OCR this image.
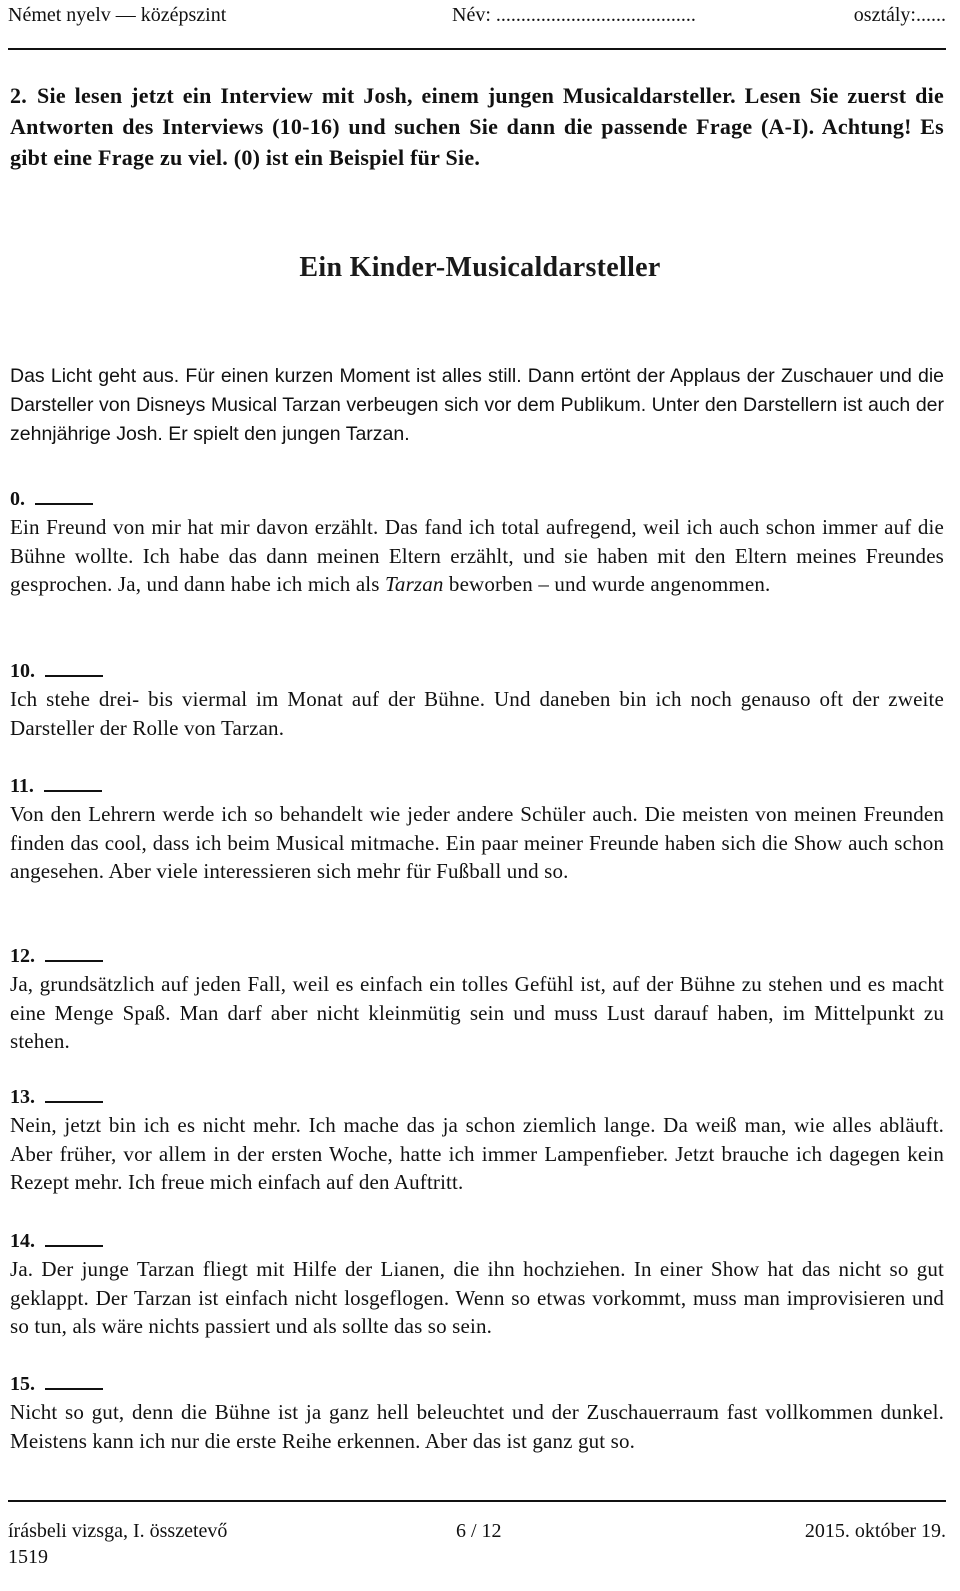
Német nyelv — középszint	Név: ........................................	osztály:......
2. Sie lesen jetzt ein Interview mit Josh, einem jungen Musicaldarsteller. Lesen Sie zuerst die Antworten des Interviews (10-16) und suchen Sie dann die passende Frage (A-I). Achtung! Es gibt eine Frage zu viel. (0) ist ein Beispiel für Sie.
Ein Kinder-Musicaldarsteller
Das Licht geht aus. Für einen kurzen Moment ist alles still. Dann ertönt der Applaus der Zuschauer und die Darsteller von Disneys Musical Tarzan verbeugen sich vor dem Publikum. Unter den Darstellern ist auch der zehnjährige Josh. Er spielt den jungen Tarzan.
0.
Ein Freund von mir hat mir davon erzählt. Das fand ich total aufregend, weil ich auch schon immer auf die Bühne wollte. Ich habe das dann meinen Eltern erzählt, und sie haben mit den Eltern meines Freundes gesprochen. Ja, und dann habe ich mich als Tarzan beworben – und wurde angenommen.
10.
Ich stehe drei- bis viermal im Monat auf der Bühne. Und daneben bin ich noch genauso oft der zweite Darsteller der Rolle von Tarzan.
11.
Von den Lehrern werde ich so behandelt wie jeder andere Schüler auch. Die meisten von meinen Freunden finden das cool, dass ich beim Musical mitmache. Ein paar meiner Freunde haben sich die Show auch schon angesehen. Aber viele interessieren sich mehr für Fußball und so.
12.
Ja, grundsätzlich auf jeden Fall, weil es einfach ein tolles Gefühl ist, auf der Bühne zu stehen und es macht eine Menge Spaß. Man darf aber nicht kleinmütig sein und muss Lust darauf haben, im Mittelpunkt zu stehen.
13.
Nein, jetzt bin ich es nicht mehr. Ich mache das ja schon ziemlich lange. Da weiß man, wie alles abläuft. Aber früher, vor allem in der ersten Woche, hatte ich immer Lampenfieber. Jetzt brauche ich dagegen kein Rezept mehr. Ich freue mich einfach auf den Auftritt.
14.
Ja. Der junge Tarzan fliegt mit Hilfe der Lianen, die ihn hochziehen. In einer Show hat das nicht so gut geklappt. Der Tarzan ist einfach nicht losgeflogen. Wenn so etwas vorkommt, muss man improvisieren und so tun, als wäre nichts passiert und als sollte das so sein.
15.
Nicht so gut, denn die Bühne ist ja ganz hell beleuchtet und der Zuschauerraum fast vollkommen dunkel. Meistens kann ich nur die erste Reihe erkennen. Aber das ist ganz gut so.
írásbeli vizsga, I. összetevő	6 / 12	2015. október 19.
1519
